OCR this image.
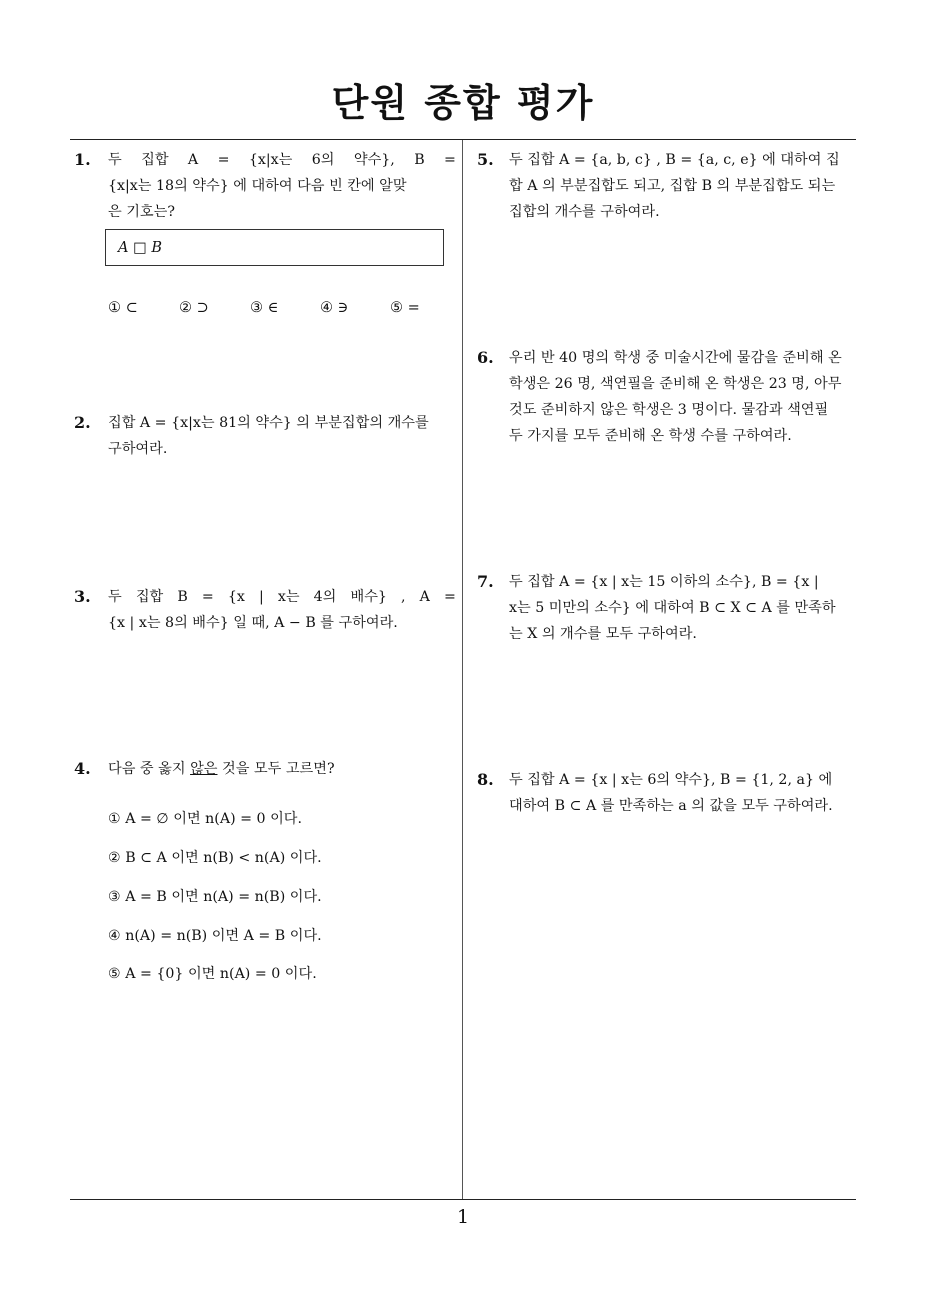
단원 종합 평가
1
1. 두 집합 A = {x|x는 6의 약수}, B =
{x|x는 18의 약수} 에 대하여 다음 빈 칸에 알맞
은 기호는?
A □ B
① ⊂	② ⊃	③ ∈	④ ∋	⑤ =
2. 집합 A = {x|x는 81의 약수} 의 부분집합의 개수를
구하여라.
3. 두 집합 B = {x | x는 4의 배수} , A =
{x | x는 8의 배수} 일 때, A − B 를 구하여라.
4. 다음 중 옳지 않은 것을 모두 고르면?
① A = ∅ 이면 n(A) = 0 이다.
② B ⊂ A 이면 n(B) < n(A) 이다.
③ A = B 이면 n(A) = n(B) 이다.
④ n(A) = n(B) 이면 A = B 이다.
⑤ A = {0} 이면 n(A) = 0 이다.
5. 두 집합 A = {a, b, c} , B = {a, c, e} 에 대하여 집
합 A 의 부분집합도 되고, 집합 B 의 부분집합도 되는
집합의 개수를 구하여라.
6. 우리 반 40 명의 학생 중 미술시간에 물감을 준비해 온
학생은 26 명, 색연필을 준비해 온 학생은 23 명, 아무
것도 준비하지 않은 학생은 3 명이다. 물감과 색연필
두 가지를 모두 준비해 온 학생 수를 구하여라.
7. 두 집합 A = {x | x는 15 이하의 소수}, B = {x |
x는 5 미만의 소수} 에 대하여 B ⊂ X ⊂ A 를 만족하
는 X 의 개수를 모두 구하여라.
8. 두 집합 A = {x | x는 6의 약수}, B = {1, 2, a} 에
대하여 B ⊂ A 를 만족하는 a 의 값을 모두 구하여라.
